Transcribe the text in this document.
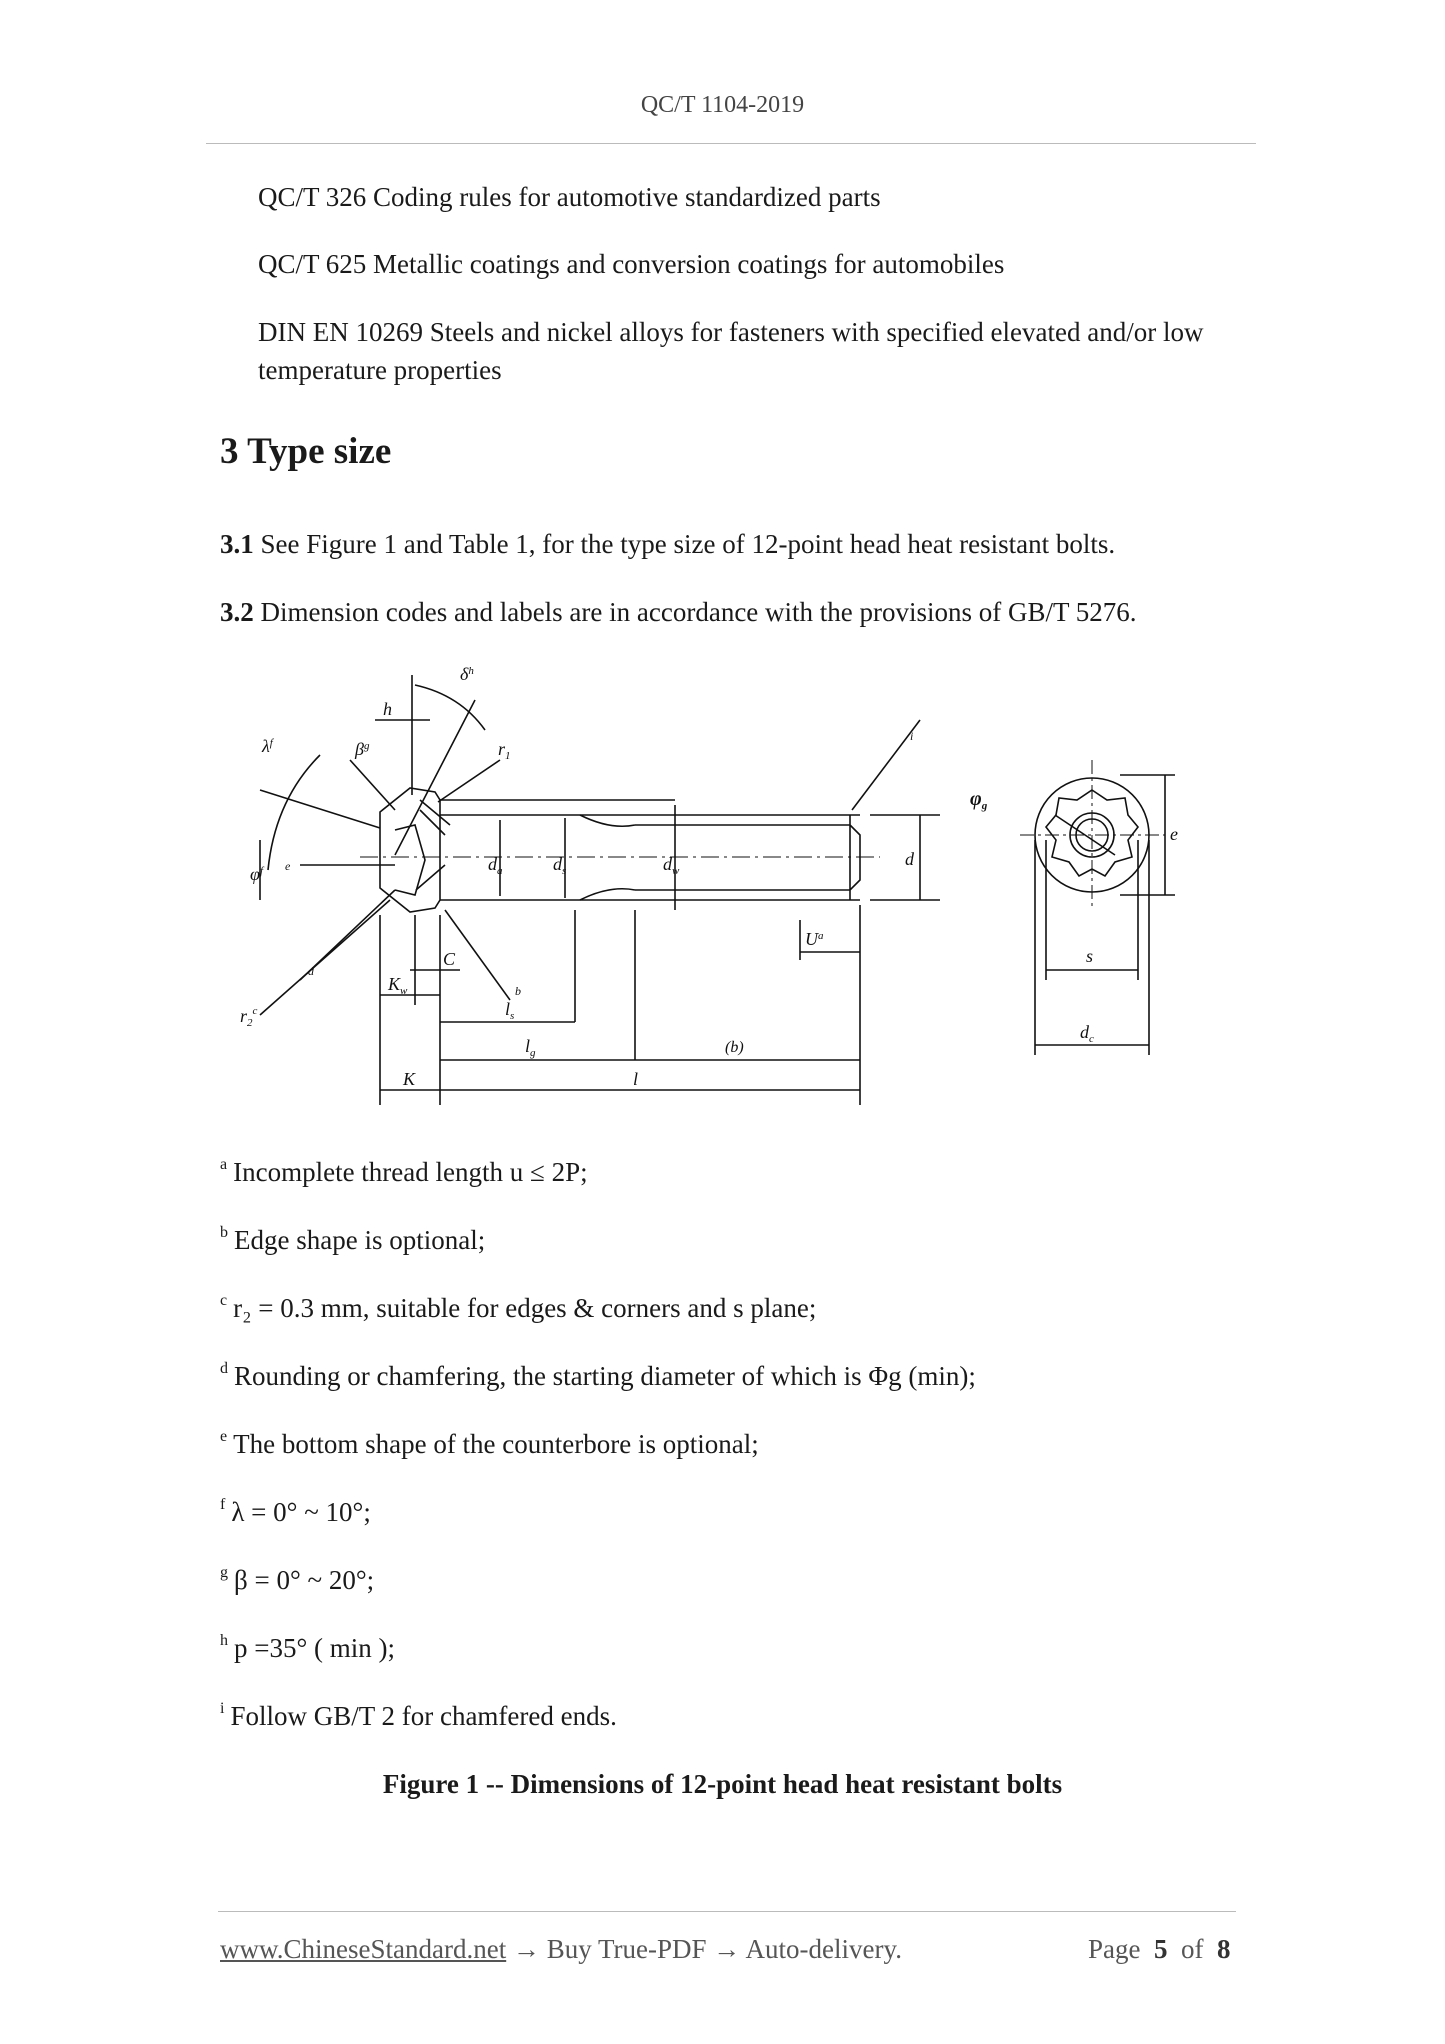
QC/T 1104-2019
QC/T 326 Coding rules for automotive standardized parts
QC/T 625 Metallic coatings and conversion coatings for automobiles
DIN EN 10269 Steels and nickel alloys for fasteners with specified elevated and/or low temperature properties
3 Type size
3.1 See Figure 1 and Table 1, for the type size of 12-point head heat resistant bolts.
3.2 Dimension codes and labels are in accordance with the provisions of GB/T 5276.
$\delta^h$
h
$\lambda^f$	$\beta^g$	$r_1$
$\varphi^f$ e	$d_a$	$d_s$	$d_w$
d
$U^a$
C
$K_w$
$r_2^c$
d
b
$l_s$
$l_g$	(b)
K	l
i
$\varphi_g$
e
s
$d_c$
$^a$ Incomplete thread length u ≤ 2P;
$^b$ Edge shape is optional;
$^c$ r₂ = 0.3 mm, suitable for edges & corners and s plane;
$^d$ Rounding or chamfering, the starting diameter of which is Φg (min);
$^e$ The bottom shape of the counterbore is optional;
$^f$ λ = 0° ~ 10°;
$^g$ β = 0° ~ 20°;
$^h$ p =35° ( min );
$^i$ Follow GB/T 2 for chamfered ends.
Figure 1 -- Dimensions of 12-point head heat resistant bolts
www.ChineseStandard.net → Buy True-PDF → Auto-delivery.	Page 5 of 8
